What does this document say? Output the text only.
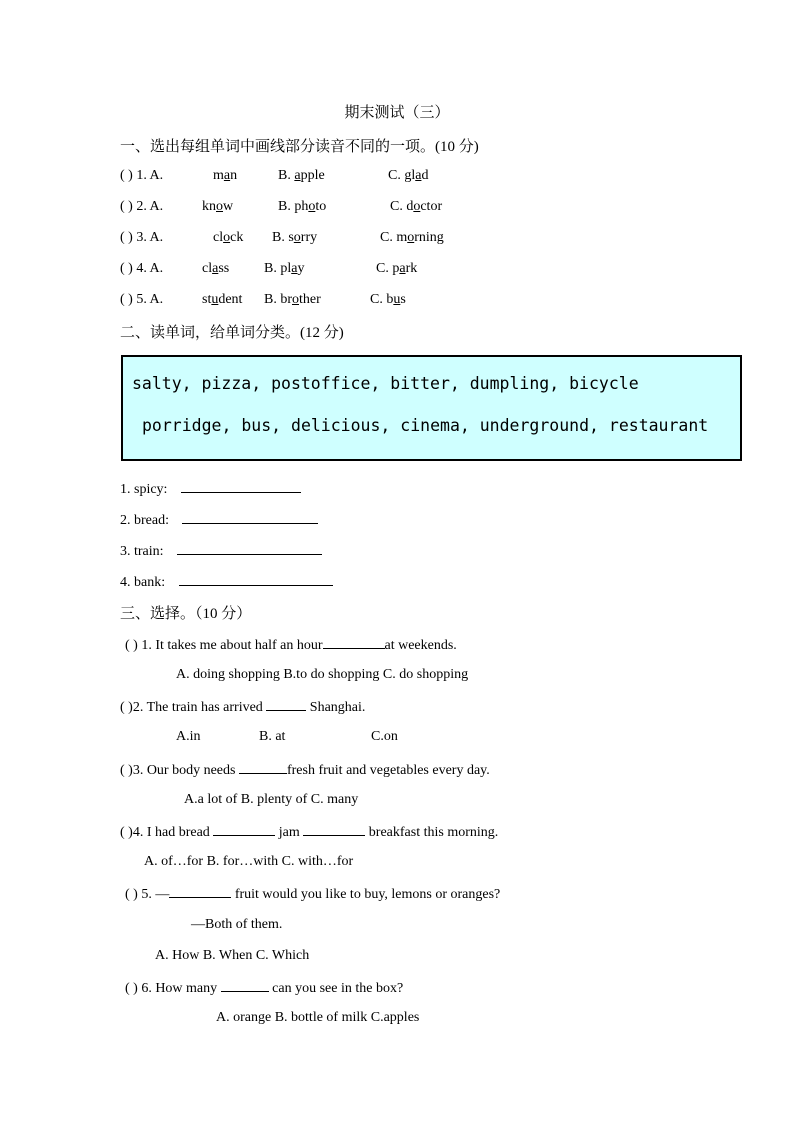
期末测试（三）
一、选出每组单词中画线部分读音不同的一项。(10 分)
( ) 1. A.	man	B. apple	C. glad
( ) 2. A.	know	B. photo	C. doctor
( ) 3. A.	clock B. sorry	C. morning
( ) 4. A.	class B. play	C. park
( ) 5. A.	student B. brother	C. bus
二、读单词，给单词分类。(12 分)
salty, pizza, postoffice, bitter, dumpling, bicycle
porridge, bus, delicious, cinema, underground, restaurant
1. spicy:
2. bread:
3. train:
4. bank:
三、选择。（10 分）
( ) 1. It takes me about half an hour	at weekends.
A. doing shopping B.to do shopping C. do shopping
( )2. The train has arrived	Shanghai.
A.in	B. at	C.on
( )3. Our body needs	fresh fruit and vegetables every day.
A.a lot of B. plenty of C. many
( )4. I had bread	jam	breakfast this morning.
A. of…for B. for…with C. with…for
( ) 5. —	fruit would you like to buy, lemons or oranges?
—Both of them.
A. How B. When C. Which
( ) 6. How many	can you see in the box?
A. orange B. bottle of milk C.apples
